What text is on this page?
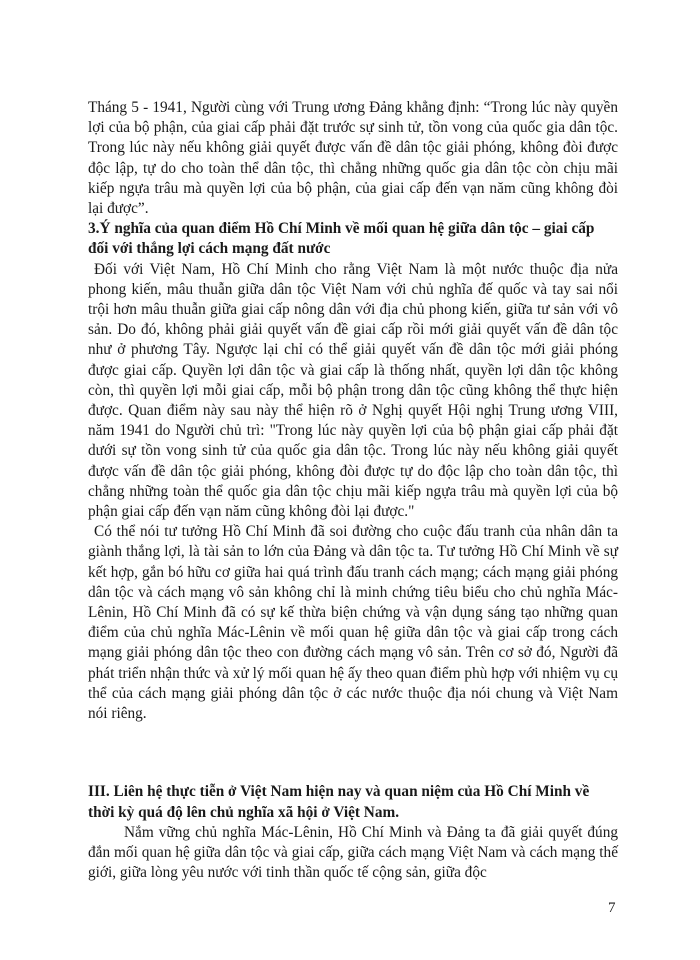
Tháng 5 - 1941, Người cùng với Trung ương Đảng khẳng định: “Trong lúc này quyền lợi của bộ phận, của giai cấp phải đặt trước sự sinh tử, tồn vong của quốc gia dân tộc. Trong lúc này nếu không giải quyết được vấn đề dân tộc giải phóng, không đòi được độc lập, tự do cho toàn thể dân tộc, thì chẳng những quốc gia dân tộc còn chịu mãi kiếp ngựa trâu mà quyền lợi của bộ phận, của giai cấp đến vạn năm cũng không đòi lại được”.

3.Ý nghĩa của quan điểm Hồ Chí Minh về mối quan hệ giữa dân tộc – giai cấp đối với thắng lợi cách mạng đất nước

Đối với Việt Nam, Hồ Chí Minh cho rằng Việt Nam là một nước thuộc địa nửa phong kiến, mâu thuẫn giữa dân tộc Việt Nam với chủ nghĩa đế quốc và tay sai nổi trội hơn mâu thuẫn giữa giai cấp nông dân với địa chủ phong kiến, giữa tư sản với vô sản. Do đó, không phải giải quyết vấn đề giai cấp rồi mới giải quyết vấn đề dân tộc như ở phương Tây. Ngược lại chỉ có thể giải quyết vấn đề dân tộc mới giải phóng được giai cấp. Quyền lợi dân tộc và giai cấp là thống nhất, quyền lợi dân tộc không còn, thì quyền lợi mỗi giai cấp, mỗi bộ phận trong dân tộc cũng không thể thực hiện được. Quan điểm này sau này thể hiện rõ ở Nghị quyết Hội nghị Trung ương VIII, năm 1941 do Người chủ trì: "Trong lúc này quyền lợi của bộ phận giai cấp phải đặt dưới sự tồn vong sinh tử của quốc gia dân tộc. Trong lúc này nếu không giải quyết được vấn đề dân tộc giải phóng, không đòi được tự do độc lập cho toàn dân tộc, thì chẳng những toàn thể quốc gia dân tộc chịu mãi kiếp ngựa trâu mà quyền lợi của bộ phận giai cấp đến vạn năm cũng không đòi lại được."

Có thể nói tư tưởng Hồ Chí Minh đã soi đường cho cuộc đấu tranh của nhân dân ta giành thắng lợi, là tài sản to lớn của Đảng và dân tộc ta. Tư tưởng Hồ Chí Minh về sự kết hợp, gắn bó hữu cơ giữa hai quá trình đấu tranh cách mạng; cách mạng giải phóng dân tộc và cách mạng vô sản không chỉ là minh chứng tiêu biểu cho chủ nghĩa Mác-Lênin, Hồ Chí Minh đã có sự kế thừa biện chứng và vận dụng sáng tạo những quan điểm của chủ nghĩa Mác-Lênin về mối quan hệ giữa dân tộc và giai cấp trong cách mạng giải phóng dân tộc theo con đường cách mạng vô sản. Trên cơ sở đó, Người đã phát triển nhận thức và xử lý mối quan hệ ấy theo quan điểm phù hợp với nhiệm vụ cụ thể của cách mạng giải phóng dân tộc ở các nước thuộc địa nói chung và Việt Nam nói riêng.

III. Liên hệ thực tiễn ở Việt Nam hiện nay và quan niệm của Hồ Chí Minh về thời kỳ quá độ lên chủ nghĩa xã hội ở Việt Nam.

Nắm vững chủ nghĩa Mác-Lênin, Hồ Chí Minh và Đảng ta đã giải quyết đúng đắn mối quan hệ giữa dân tộc và giai cấp, giữa cách mạng Việt Nam và cách mạng thế giới, giữa lòng yêu nước với tinh thần quốc tế cộng sản, giữa độc

7
